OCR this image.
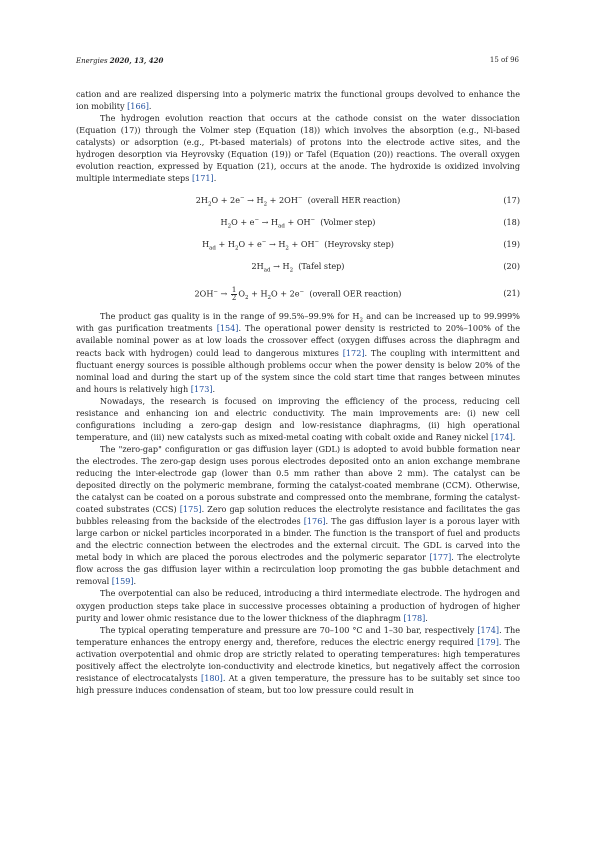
Energies 2020, 13, 420	15 of 96

cation and are realized dispersing into a polymeric matrix the functional groups devolved to enhance the ion mobility [166].

The hydrogen evolution reaction that occurs at the cathode consist on the water dissociation (Equation (17)) through the Volmer step (Equation (18)) which involves the absorption (e.g., Ni-based catalysts) or adsorption (e.g., Pt-based materials) of protons into the electrode active sites, and the hydrogen desorption via Heyrovsky (Equation (19)) or Tafel (Equation (20)) reactions. The overall oxygen evolution reaction, expressed by Equation (21), occurs at the anode. The hydroxide is oxidized involving multiple intermediate steps [171].

$2H_2O + 2e^- \to H_2 + 2OH^-$ (overall HER reaction)	(17)
$H_2O + e^- \to H_{ad} + OH^-$ (Volmer step)	(18)
$H_{ad} + H_2O + e^- \to H_2 + OH^-$ (Heyrovsky step)	(19)
$2H_{ad} \to H_2$ (Tafel step)	(20)
$2OH^- \to \frac{1}{2} O_2 + H_2O + 2e^-$ (overall OER reaction)	(21)

The product gas quality is in the range of 99.5%–99.9% for $H_2$ and can be increased up to 99.999% with gas purification treatments [154]. The operational power density is restricted to 20%–100% of the available nominal power as at low loads the crossover effect (oxygen diffuses across the diaphragm and reacts back with hydrogen) could lead to dangerous mixtures [172]. The coupling with intermittent and fluctuant energy sources is possible although problems occur when the power density is below 20% of the nominal load and during the start up of the system since the cold start time that ranges between minutes and hours is relatively high [173].

Nowadays, the research is focused on improving the efficiency of the process, reducing cell resistance and enhancing ion and electric conductivity. The main improvements are: (i) new cell configurations including a zero-gap design and low-resistance diaphragms, (ii) high operational temperature, and (iii) new catalysts such as mixed-metal coating with cobalt oxide and Raney nickel [174].

The "zero-gap" configuration or gas diffusion layer (GDL) is adopted to avoid bubble formation near the electrodes. The zero-gap design uses porous electrodes deposited onto an anion exchange membrane reducing the inter-electrode gap (lower than 0.5 mm rather than above 2 mm). The catalyst can be deposited directly on the polymeric membrane, forming the catalyst-coated membrane (CCM). Otherwise, the catalyst can be coated on a porous substrate and compressed onto the membrane, forming the catalyst-coated substrates (CCS) [175]. Zero gap solution reduces the electrolyte resistance and facilitates the gas bubbles releasing from the backside of the electrodes [176]. The gas diffusion layer is a porous layer with large carbon or nickel particles incorporated in a binder. The function is the transport of fuel and products and the electric connection between the electrodes and the external circuit. The GDL is carved into the metal body in which are placed the porous electrodes and the polymeric separator [177]. The electrolyte flow across the gas diffusion layer within a recirculation loop promoting the gas bubble detachment and removal [159].

The overpotential can also be reduced, introducing a third intermediate electrode. The hydrogen and oxygen production steps take place in successive processes obtaining a production of hydrogen of higher purity and lower ohmic resistance due to the lower thickness of the diaphragm [178].

The typical operating temperature and pressure are 70–100 °C and 1–30 bar, respectively [174]. The temperature enhances the entropy energy and, therefore, reduces the electric energy required [179]. The activation overpotential and ohmic drop are strictly related to operating temperatures: high temperatures positively affect the electrolyte ion-conductivity and electrode kinetics, but negatively affect the corrosion resistance of electrocatalysts [180]. At a given temperature, the pressure has to be suitably set since too high pressure induces condensation of steam, but too low pressure could result in
